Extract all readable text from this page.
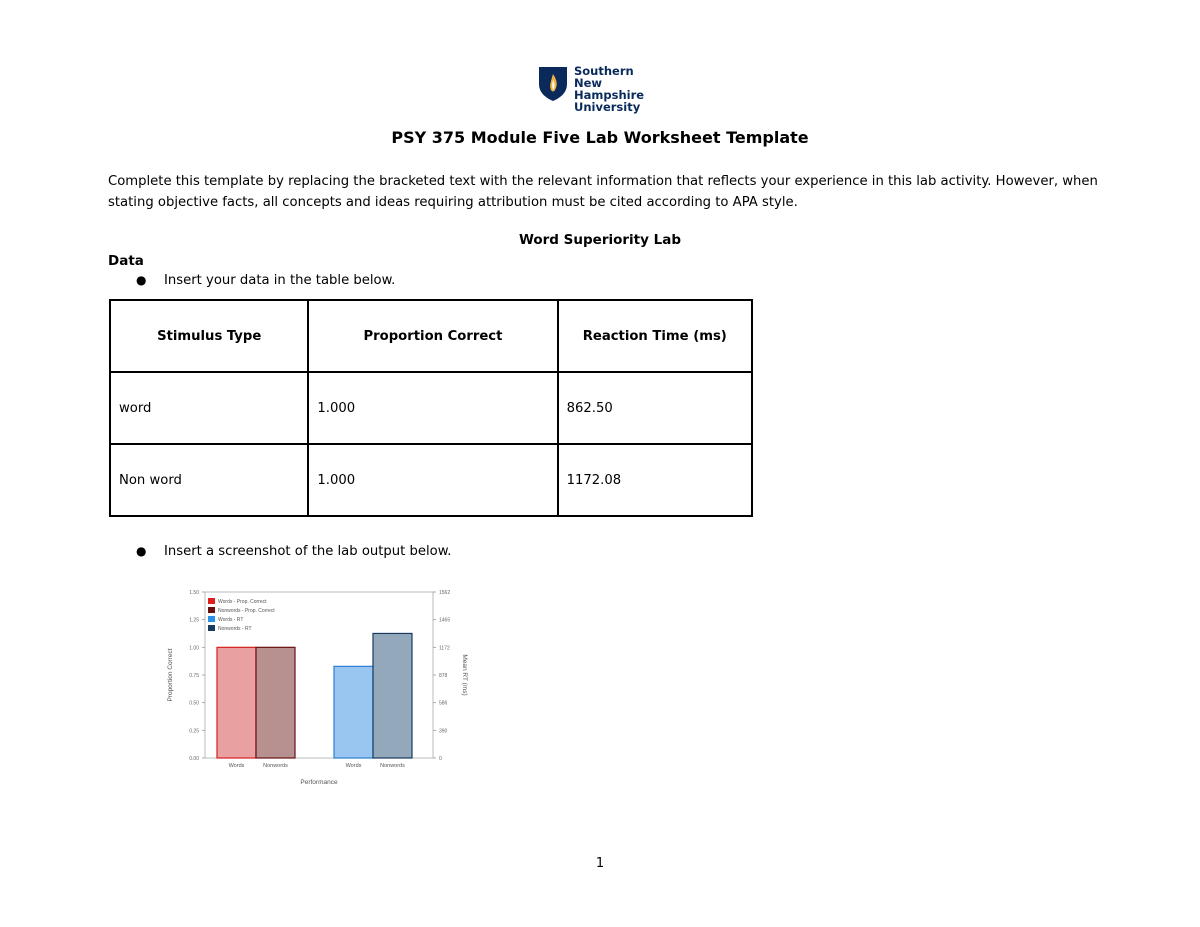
Southern
New Hampshire
University
PSY 375 Module Five Lab Worksheet Template
Complete this template by replacing the bracketed text with the relevant information that reflects your experience in this lab activity. However, when stating objective facts, all concepts and ideas requiring attribution must be cited according to APA style.
Word Superiority Lab
Data
● Insert your data in the table below.
Stimulus Type	Proportion Correct	Reaction Time (ms)
word	1.000	862.50
Non word	1.000	1172.08
● Insert a screenshot of the lab output below.
0.00
0.25
0.50
0.75
1.00
1.25
1.50
0
390
586
878
1172
1465
1562
Words	Nonwords	Words	Nonwords
Performance
Proportion Correct	Mean RT (ms)
Words - Prop. Correct
Nonwords - Prop. Correct
Words - RT
Nonwords - RT
1
